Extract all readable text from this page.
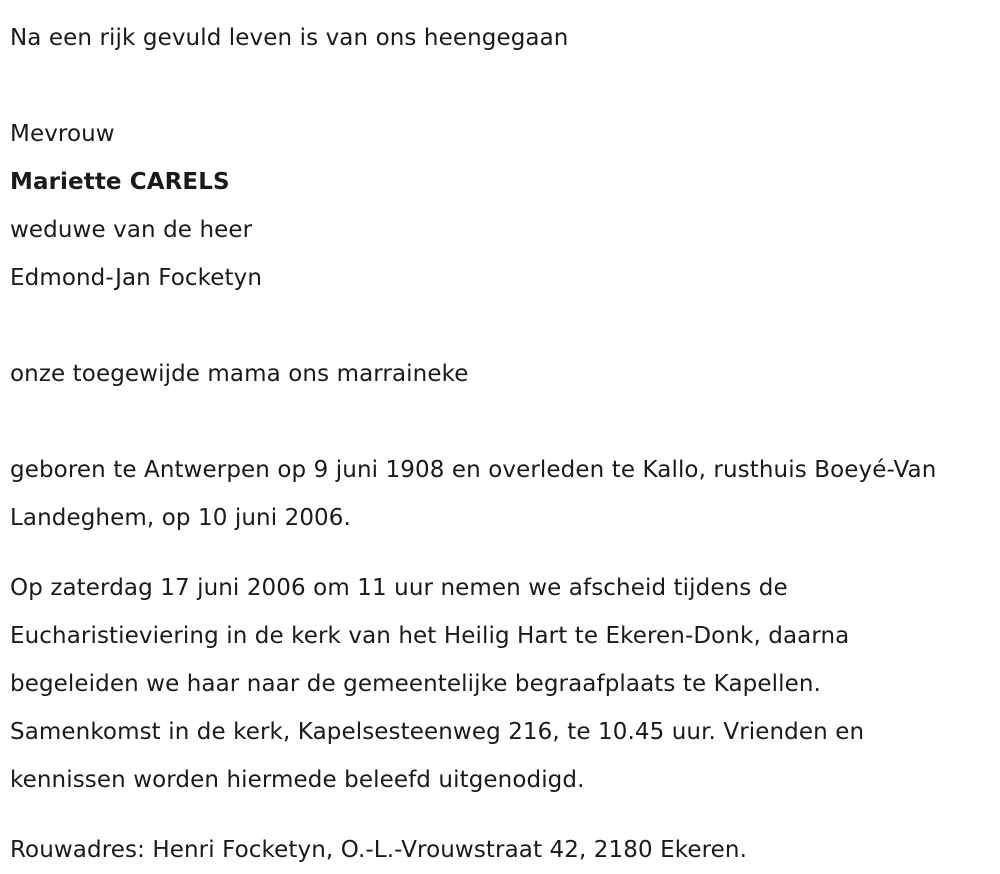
Na een rijk gevuld leven is van ons heengegaan
Mevrouw
Mariette CARELS
weduwe van de heer
Edmond-Jan Focketyn
onze toegewijde mama ons marraineke
geboren te Antwerpen op 9 juni 1908 en overleden te Kallo, rusthuis Boeyé-Van Landeghem, op 10 juni 2006.
Op zaterdag 17 juni 2006 om 11 uur nemen we afscheid tijdens de Eucharistieviering in de kerk van het Heilig Hart te Ekeren-Donk, daarna begeleiden we haar naar de gemeentelijke begraafplaats te Kapellen. Samenkomst in de kerk, Kapelsesteenweg 216, te 10.45 uur. Vrienden en kennissen worden hiermede beleefd uitgenodigd.
Rouwadres: Henri Focketyn, O.-L.-Vrouwstraat 42, 2180 Ekeren.
